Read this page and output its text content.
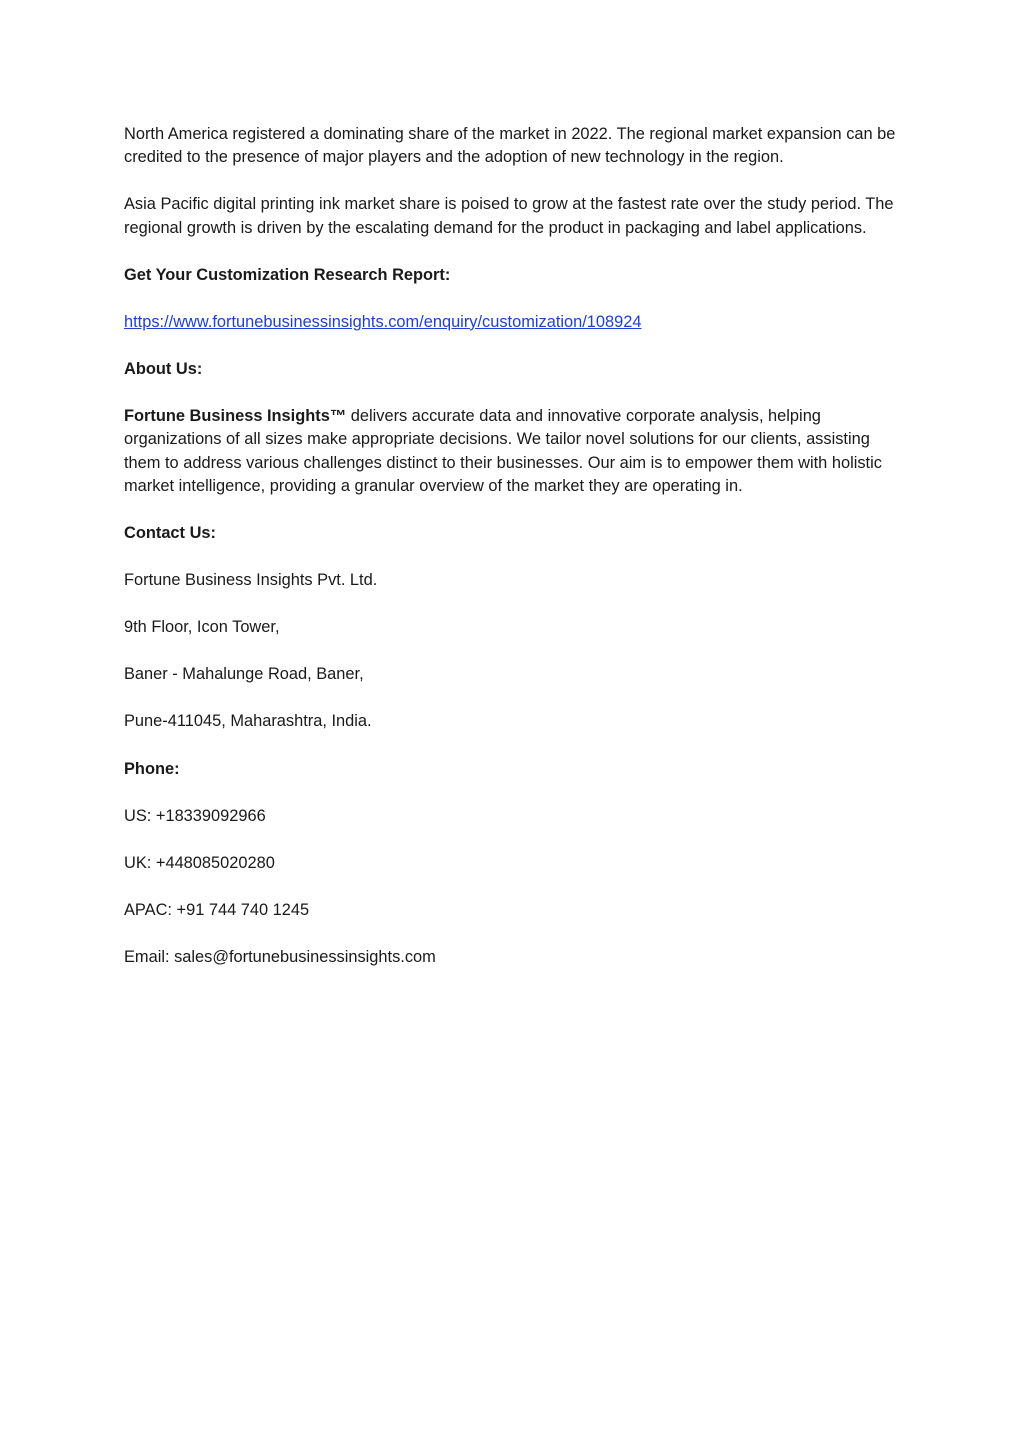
North America registered a dominating share of the market in 2022. The regional market expansion can be credited to the presence of major players and the adoption of new technology in the region.

Asia Pacific digital printing ink market share is poised to grow at the fastest rate over the study period. The regional growth is driven by the escalating demand for the product in packaging and label applications.

Get Your Customization Research Report:

https://www.fortunebusinessinsights.com/enquiry/customization/108924

About Us:

Fortune Business Insights™ delivers accurate data and innovative corporate analysis, helping organizations of all sizes make appropriate decisions. We tailor novel solutions for our clients, assisting them to address various challenges distinct to their businesses. Our aim is to empower them with holistic market intelligence, providing a granular overview of the market they are operating in.

Contact Us:

Fortune Business Insights Pvt. Ltd.

9th Floor, Icon Tower,

Baner - Mahalunge Road, Baner,

Pune-411045, Maharashtra, India.

Phone:

US: +18339092966

UK: +448085020280

APAC: +91 744 740 1245

Email: sales@fortunebusinessinsights.com
